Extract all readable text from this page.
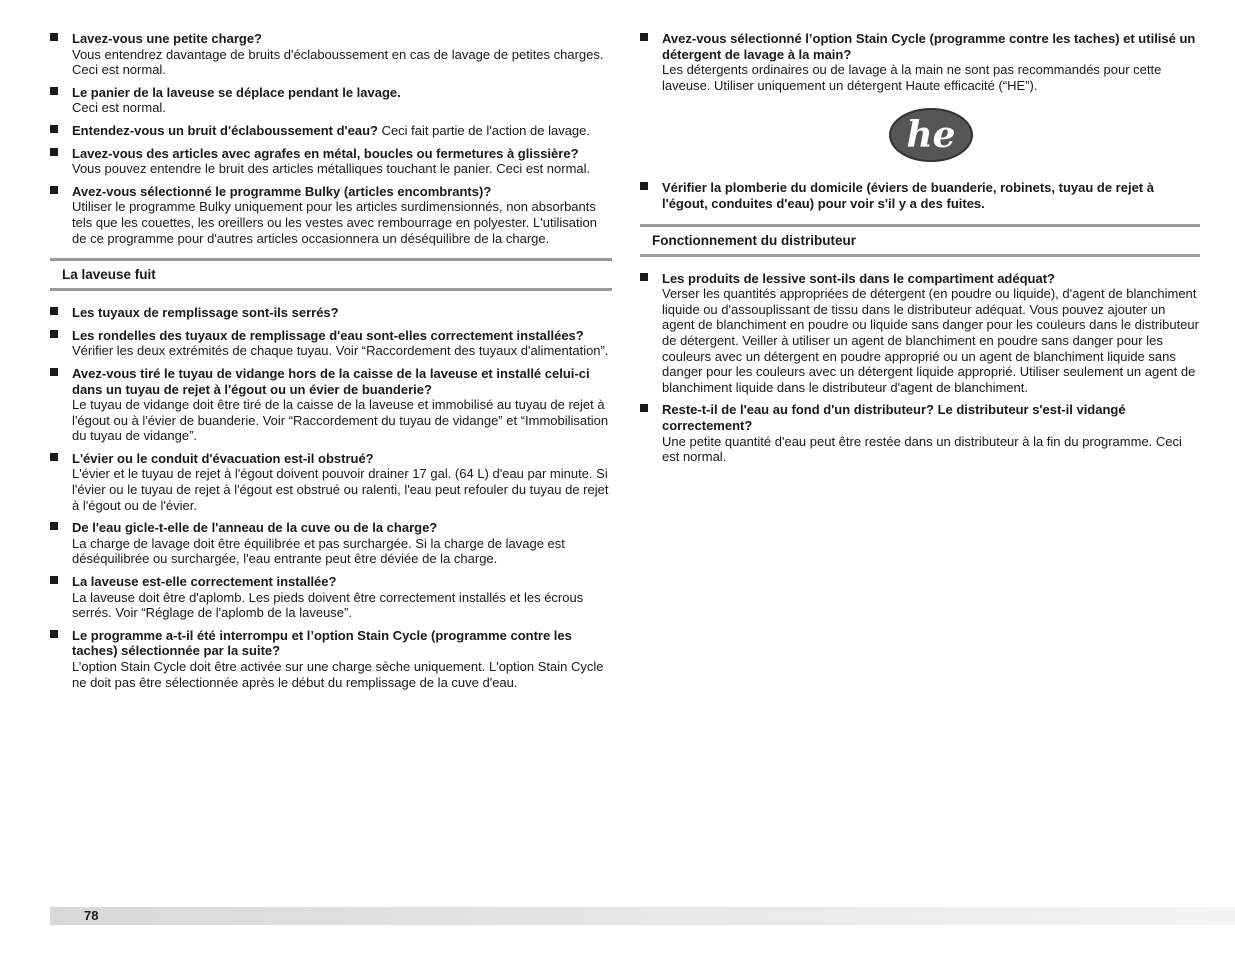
Lavez-vous une petite charge?
Vous entendrez davantage de bruits d'éclaboussement en cas de lavage de petites charges. Ceci est normal.
Le panier de la laveuse se déplace pendant le lavage.
Ceci est normal.
Entendez-vous un bruit d'éclaboussement d'eau? Ceci fait partie de l'action de lavage.
Lavez-vous des articles avec agrafes en métal, boucles ou fermetures à glissière?
Vous pouvez entendre le bruit des articles métalliques touchant le panier. Ceci est normal.
Avez-vous sélectionné le programme Bulky (articles encombrants)?
Utiliser le programme Bulky uniquement pour les articles surdimensionnés, non absorbants tels que les couettes, les oreillers ou les vestes avec rembourrage en polyester. L'utilisation de ce programme pour d'autres articles occasionnera un déséquilibre de la charge.
La laveuse fuit
Les tuyaux de remplissage sont-ils serrés?
Les rondelles des tuyaux de remplissage d'eau sont-elles correctement installées?
Vérifier les deux extrémités de chaque tuyau. Voir “Raccordement des tuyaux d'alimentation”.
Avez-vous tiré le tuyau de vidange hors de la caisse de la laveuse et installé celui-ci dans un tuyau de rejet à l'égout ou un évier de buanderie?
Le tuyau de vidange doit être tiré de la caisse de la laveuse et immobilisé au tuyau de rejet à l'égout ou à l'évier de buanderie. Voir “Raccordement du tuyau de vidange” et “Immobilisation du tuyau de vidange”.
L'évier ou le conduit d'évacuation est-il obstrué?
L'évier et le tuyau de rejet à l'égout doivent pouvoir drainer 17 gal. (64 L) d'eau par minute. Si l'évier ou le tuyau de rejet à l'égout est obstrué ou ralenti, l'eau peut refouler du tuyau de rejet à l'égout ou de l'évier.
De l'eau gicle-t-elle de l'anneau de la cuve ou de la charge?
La charge de lavage doit être équilibrée et pas surchargée. Si la charge de lavage est déséquilibrée ou surchargée, l'eau entrante peut être déviée de la charge.
La laveuse est-elle correctement installée?
La laveuse doit être d'aplomb. Les pieds doivent être correctement installés et les écrous serrés. Voir “Réglage de l'aplomb de la laveuse”.
Le programme a-t-il été interrompu et l’option Stain Cycle (programme contre les taches) sélectionnée par la suite?
L’option Stain Cycle doit être activée sur une charge sèche uniquement. L'option Stain Cycle ne doit pas être sélectionnée après le début du remplissage de la cuve d'eau.
Avez-vous sélectionné l’option Stain Cycle (programme contre les taches) et utilisé un détergent de lavage à la main?
Les détergents ordinaires ou de lavage à la main ne sont pas recommandés pour cette laveuse. Utiliser uniquement un détergent Haute efficacité (“HE”).
he
Vérifier la plomberie du domicile (éviers de buanderie, robinets, tuyau de rejet à l'égout, conduites d'eau) pour voir s'il y a des fuites.
Fonctionnement du distributeur
Les produits de lessive sont-ils dans le compartiment adéquat?
Verser les quantités appropriées de détergent (en poudre ou liquide), d'agent de blanchiment liquide ou d'assouplissant de tissu dans le distributeur adéquat. Vous pouvez ajouter un agent de blanchiment en poudre ou liquide sans danger pour les couleurs dans le distributeur de détergent. Veiller à utiliser un agent de blanchiment en poudre sans danger pour les couleurs avec un détergent en poudre approprié ou un agent de blanchiment liquide sans danger pour les couleurs avec un détergent liquide approprié. Utiliser seulement un agent de blanchiment liquide dans le distributeur d'agent de blanchiment.
Reste-t-il de l'eau au fond d'un distributeur? Le distributeur s'est-il vidangé correctement?
Une petite quantité d'eau peut être restée dans un distributeur à la fin du programme. Ceci est normal.
78
